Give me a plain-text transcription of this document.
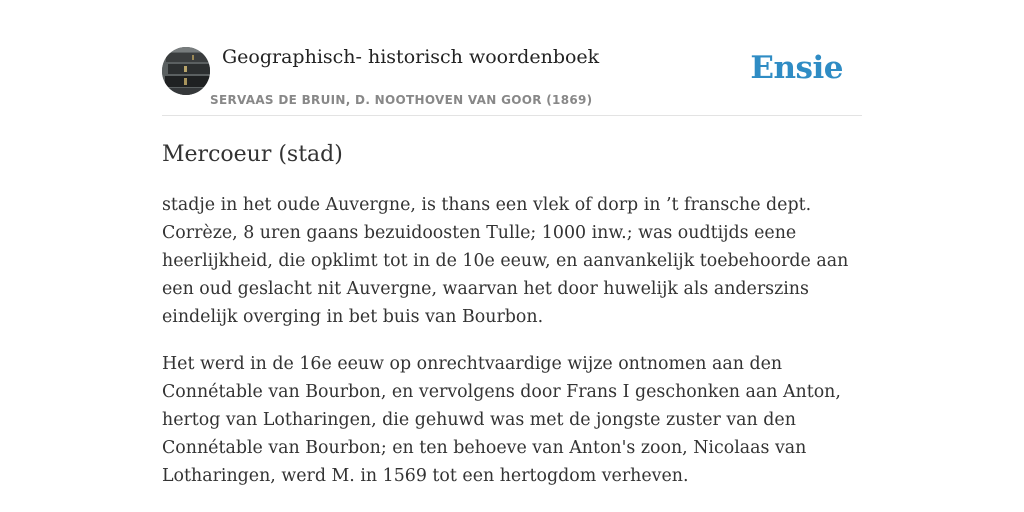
Geographisch- historisch woordenboek
SERVAAS DE BRUIN, D. NOOTHOVEN VAN GOOR (1869)
Ensie
Mercoeur (stad)

stadje in het oude Auvergne, is thans een vlek of dorp in ’t fransche dept. Corrèze, 8 uren gaans bezuidoosten Tulle; 1000 inw.; was oudtijds eene heerlijkheid, die opklimt tot in de 10e eeuw, en aanvankelijk toebehoorde aan een oud geslacht nit Auvergne, waarvan het door huwelijk als anderszins eindelijk overging in bet buis van Bourbon.

Het werd in de 16e eeuw op onrechtvaardige wijze ontnomen aan den Connétable van Bourbon, en vervolgens door Frans I geschonken aan Anton, hertog van Lotharingen, die gehuwd was met de jongste zuster van den Connétable van Bourbon; en ten behoeve van Anton's zoon, Nicolaas van Lotharingen, werd M. in 1569 tot een hertogdom verheven.
